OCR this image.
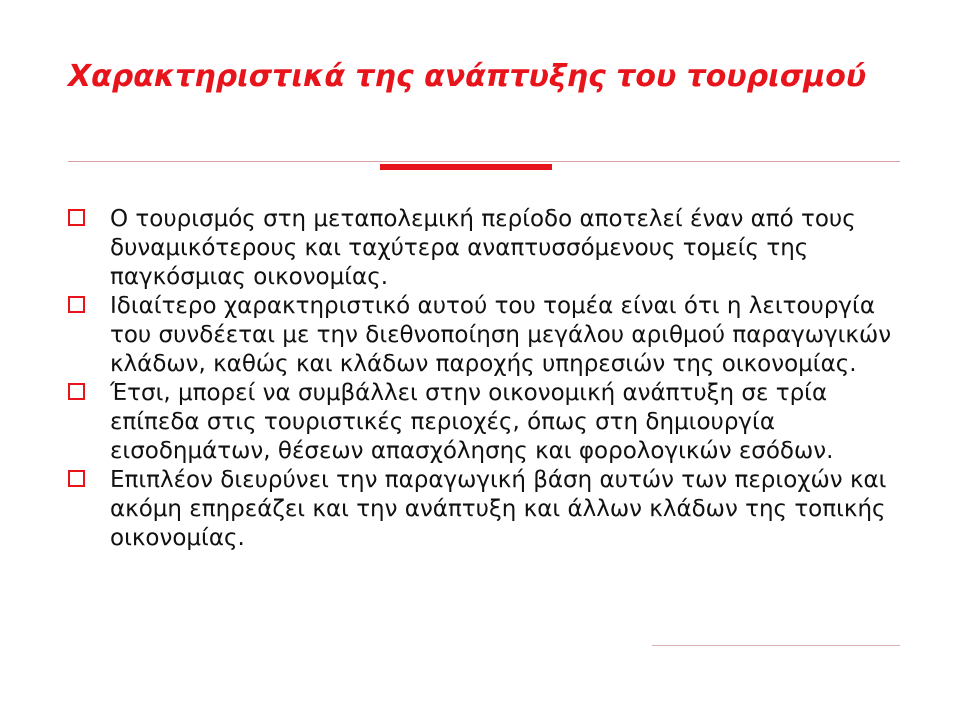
Χαρακτηριστικά της ανάπτυξης του τουρισμού
Ο τουρισμός στη μεταπολεμική περίοδο αποτελεί έναν από τους δυναμικότερους και ταχύτερα αναπτυσσόμενους τομείς της παγκόσμιας οικονομίας.
Ιδιαίτερο χαρακτηριστικό αυτού του τομέα είναι ότι η λειτουργία του συνδέεται με την διεθνοποίηση μεγάλου αριθμού παραγωγικών κλάδων, καθώς και κλάδων παροχής υπηρεσιών της οικονομίας.
Έτσι, μπορεί να συμβάλλει στην οικονομική ανάπτυξη σε τρία επίπεδα στις τουριστικές περιοχές, όπως στη δημιουργία εισοδημάτων, θέσεων απασχόλησης και φορολογικών εσόδων.
Επιπλέον διευρύνει την παραγωγική βάση αυτών των περιοχών και ακόμη επηρεάζει και την ανάπτυξη και άλλων κλάδων της τοπικής οικονομίας.
